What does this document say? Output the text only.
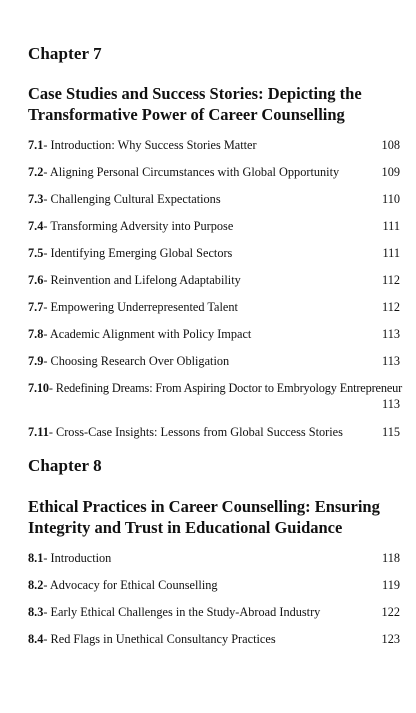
Chapter 7
Case Studies and Success Stories: Depicting the
Transformative Power of Career Counselling
7.1- Introduction: Why Success Stories Matter	108
7.2- Aligning Personal Circumstances with Global Opportunity	109
7.3- Challenging Cultural Expectations	110
7.4- Transforming Adversity into Purpose	111
7.5- Identifying Emerging Global Sectors	111
7.6- Reinvention and Lifelong Adaptability	112
7.7- Empowering Underrepresented Talent	112
7.8- Academic Alignment with Policy Impact	113
7.9- Choosing Research Over Obligation	113
7.10- Redefining Dreams: From Aspiring Doctor to Embryology Entrepreneur
113
7.11- Cross-Case Insights: Lessons from Global Success Stories	115
Chapter 8
Ethical Practices in Career Counselling: Ensuring
Integrity and Trust in Educational Guidance
8.1- Introduction	118
8.2- Advocacy for Ethical Counselling	119
8.3- Early Ethical Challenges in the Study-Abroad Industry	122
8.4- Red Flags in Unethical Consultancy Practices	123
